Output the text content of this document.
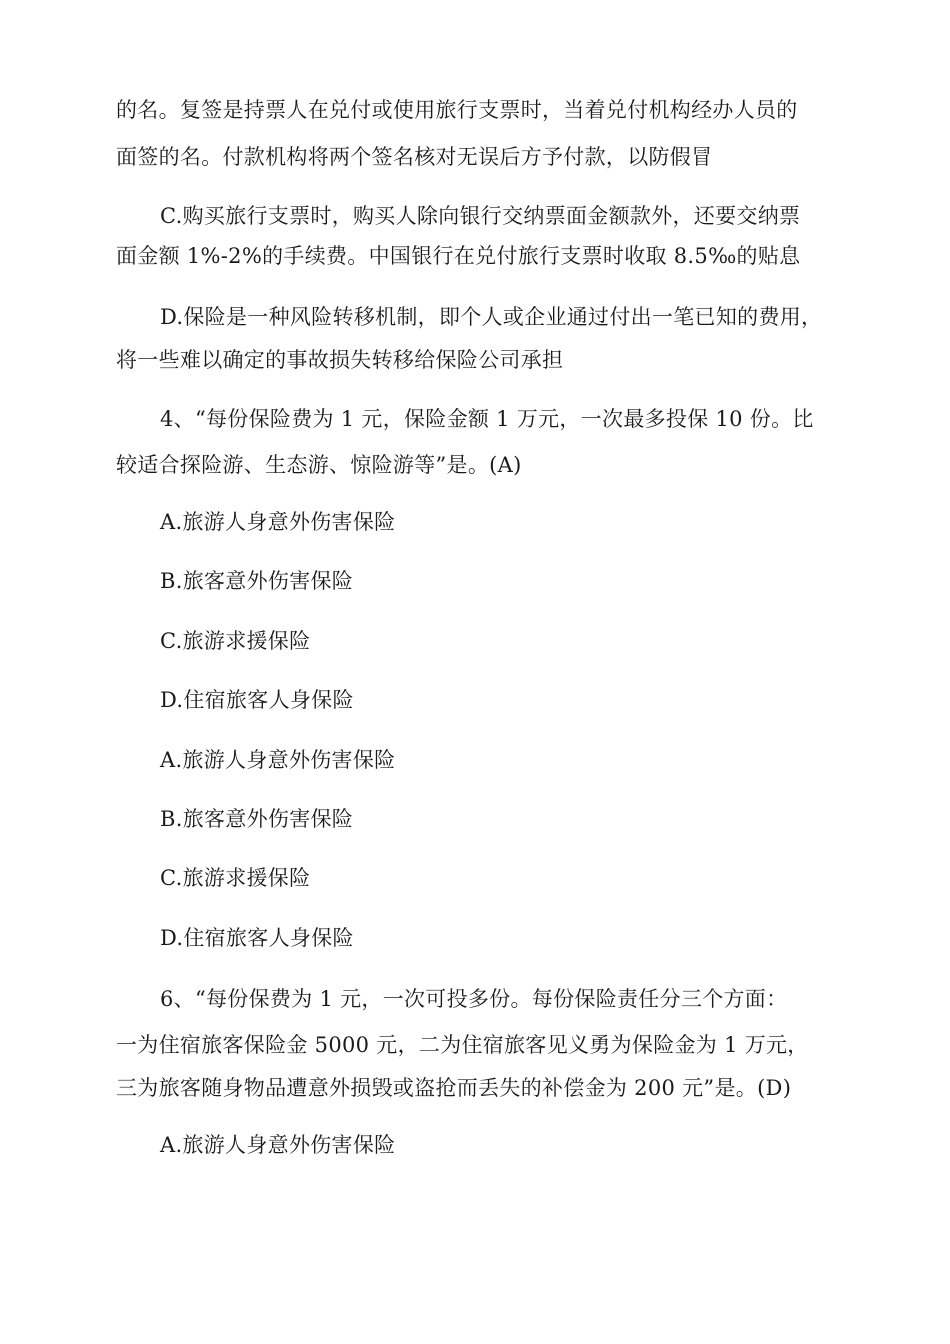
的名。复签是持票人在兑付或使用旅行支票时，当着兑付机构经办人员的
面签的名。付款机构将两个签名核对无误后方予付款，以防假冒
C.购买旅行支票时，购买人除向银行交纳票面金额款外，还要交纳票
面金额 1%-2%的手续费。中国银行在兑付旅行支票时收取 8.5‰的贴息
D.保险是一种风险转移机制，即个人或企业通过付出一笔已知的费用，
将一些难以确定的事故损失转移给保险公司承担
4、“每份保险费为 1 元，保险金额 1 万元，一次最多投保 10 份。比
较适合探险游、生态游、惊险游等”是。(A)
A.旅游人身意外伤害保险
B.旅客意外伤害保险
C.旅游求援保险
D.住宿旅客人身保险
A.旅游人身意外伤害保险
B.旅客意外伤害保险
C.旅游求援保险
D.住宿旅客人身保险
6、“每份保费为 1 元，一次可投多份。每份保险责任分三个方面：
一为住宿旅客保险金 5000 元，二为住宿旅客见义勇为保险金为 1 万元，
三为旅客随身物品遭意外损毁或盗抢而丢失的补偿金为 200 元”是。(D)
A.旅游人身意外伤害保险
